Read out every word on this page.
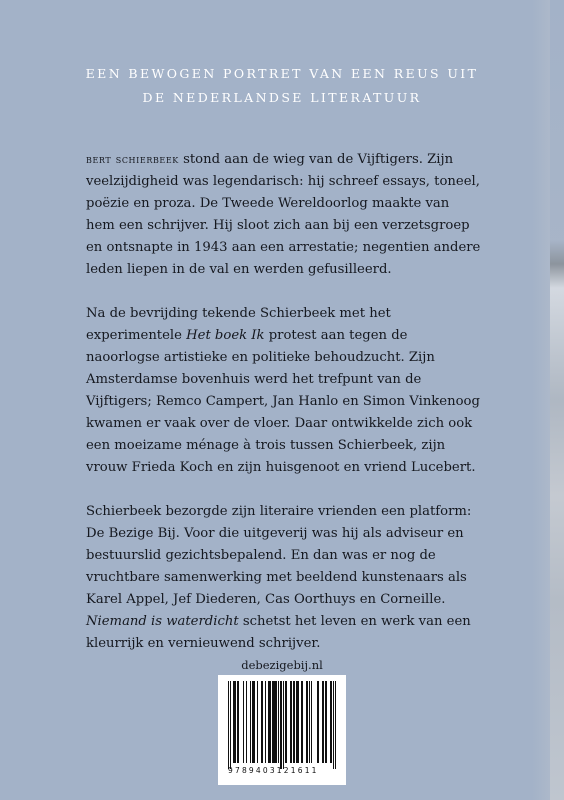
EEN BEWOGEN PORTRET VAN EEN REUS UIT
DE NEDERLANDSE LITERATUUR

bert schierbeek stond aan de wieg van de Vijftigers. Zijn veelzijdigheid was legendarisch: hij schreef essays, toneel, poëzie en proza. De Tweede Wereldoorlog maakte van hem een schrijver. Hij sloot zich aan bij een verzetsgroep en ontsnapte in 1943 aan een arrestatie; negentien andere leden liepen in de val en werden gefusilleerd.

Na de bevrijding tekende Schierbeek met het experimentele Het boek Ik protest aan tegen de naoorlogse artistieke en politieke behoudzucht. Zijn Amsterdamse bovenhuis werd het trefpunt van de Vijftigers; Remco Campert, Jan Hanlo en Simon Vinkenoog kwamen er vaak over de vloer. Daar ontwikkelde zich ook een moeizame ménage à trois tussen Schierbeek, zijn vrouw Frieda Koch en zijn huisgenoot en vriend Lucebert.

Schierbeek bezorgde zijn literaire vrienden een platform: De Bezige Bij. Voor die uitgeverij was hij als adviseur en bestuurslid gezichtsbepalend. En dan was er nog de vruchtbare samenwerking met beeldend kunstenaars als Karel Appel, Jef Diederen, Cas Oorthuys en Corneille. Niemand is waterdicht schetst het leven en werk van een kleurrijk en vernieuwend schrijver.

debezigebij.nl
9789403121611
